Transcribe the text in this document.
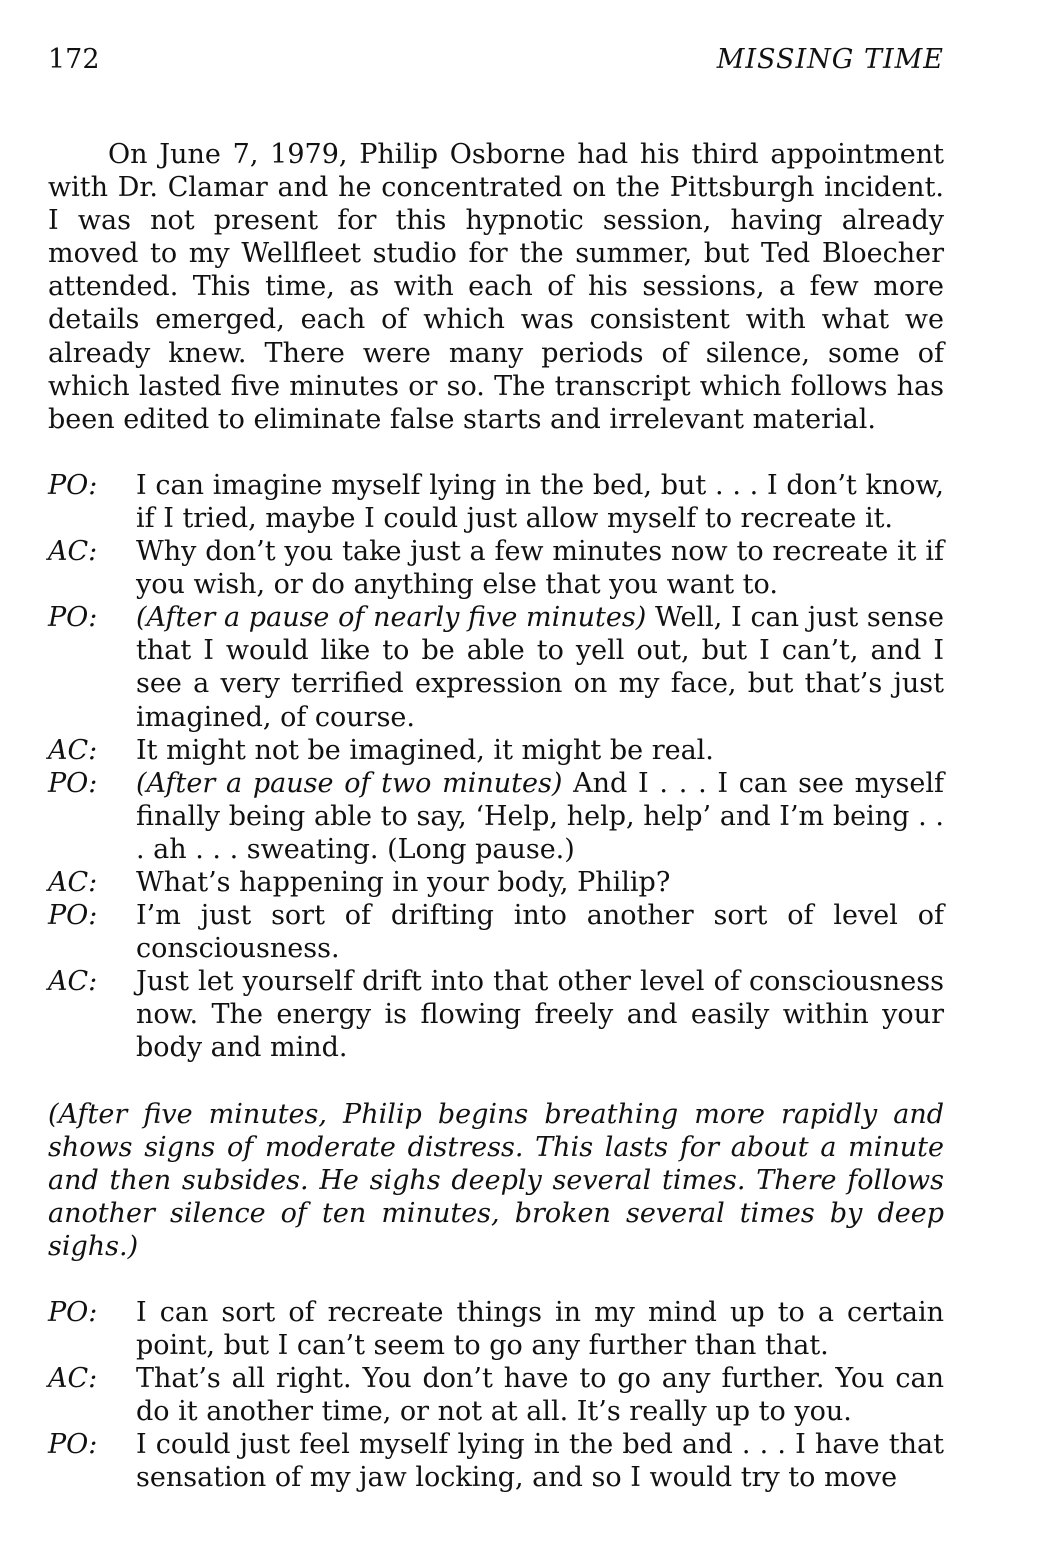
172	MISSING TIME

On June 7, 1979, Philip Osborne had his third appointment with Dr. Clamar and he concentrated on the Pittsburgh incident. I was not present for this hypnotic session, having already moved to my Wellfleet studio for the summer, but Ted Bloecher attended. This time, as with each of his sessions, a few more details emerged, each of which was consistent with what we already knew. There were many periods of silence, some of which lasted five minutes or so. The transcript which follows has been edited to eliminate false starts and irrelevant material.

PO:	I can imagine myself lying in the bed, but . . . I don’t know, if I tried, maybe I could just allow myself to recreate it.
AC:	Why don’t you take just a few minutes now to recreate it if you wish, or do anything else that you want to.
PO:	(After a pause of nearly five minutes) Well, I can just sense that I would like to be able to yell out, but I can’t, and I see a very terrified expression on my face, but that’s just imagined, of course.
AC:	It might not be imagined, it might be real.
PO:	(After a pause of two minutes) And I . . . I can see myself finally being able to say, ‘Help, help, help’ and I’m being . . . ah . . . sweating. (Long pause.)
AC:	What’s happening in your body, Philip?
PO:	I’m just sort of drifting into another sort of level of consciousness.
AC:	Just let yourself drift into that other level of consciousness now. The energy is flowing freely and easily within your body and mind.

(After five minutes, Philip begins breathing more rapidly and shows signs of moderate distress. This lasts for about a minute and then subsides. He sighs deeply several times. There follows another silence of ten minutes, broken several times by deep sighs.)

PO:	I can sort of recreate things in my mind up to a certain point, but I can’t seem to go any further than that.
AC:	That’s all right. You don’t have to go any further. You can do it another time, or not at all. It’s really up to you.
PO:	I could just feel myself lying in the bed and . . . I have that sensation of my jaw locking, and so I would try to move
